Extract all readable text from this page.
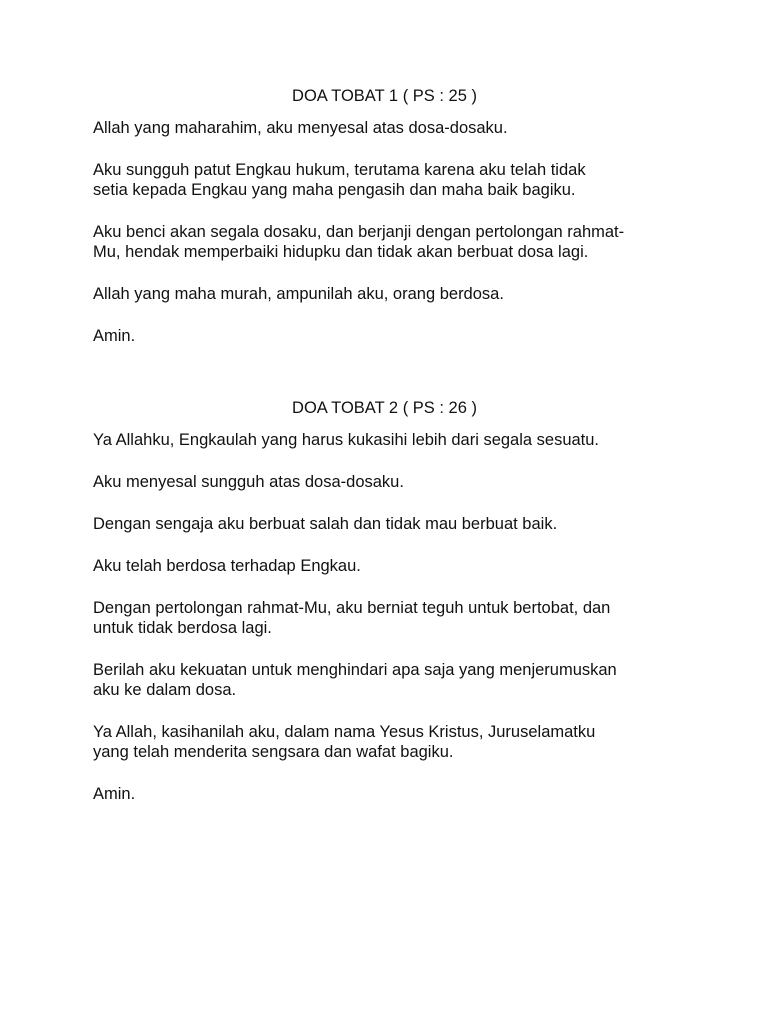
DOA TOBAT 1 ( PS : 25 )

Allah yang maharahim, aku menyesal atas dosa-dosaku.

Aku sungguh patut Engkau hukum, terutama karena aku telah tidak
setia kepada Engkau yang maha pengasih dan maha baik bagiku.

Aku benci akan segala dosaku, dan berjanji dengan pertolongan rahmat-
Mu, hendak memperbaiki hidupku dan tidak akan berbuat dosa lagi.

Allah yang maha murah, ampunilah aku, orang berdosa.

Amin.

DOA TOBAT 2 ( PS : 26 )

Ya Allahku, Engkaulah yang harus kukasihi lebih dari segala sesuatu.

Aku menyesal sungguh atas dosa-dosaku.

Dengan sengaja aku berbuat salah dan tidak mau berbuat baik.

Aku telah berdosa terhadap Engkau.

Dengan pertolongan rahmat-Mu, aku berniat teguh untuk bertobat, dan
untuk tidak berdosa lagi.

Berilah aku kekuatan untuk menghindari apa saja yang menjerumuskan
aku ke dalam dosa.

Ya Allah, kasihanilah aku, dalam nama Yesus Kristus, Juruselamatku
yang telah menderita sengsara dan wafat bagiku.

Amin.
